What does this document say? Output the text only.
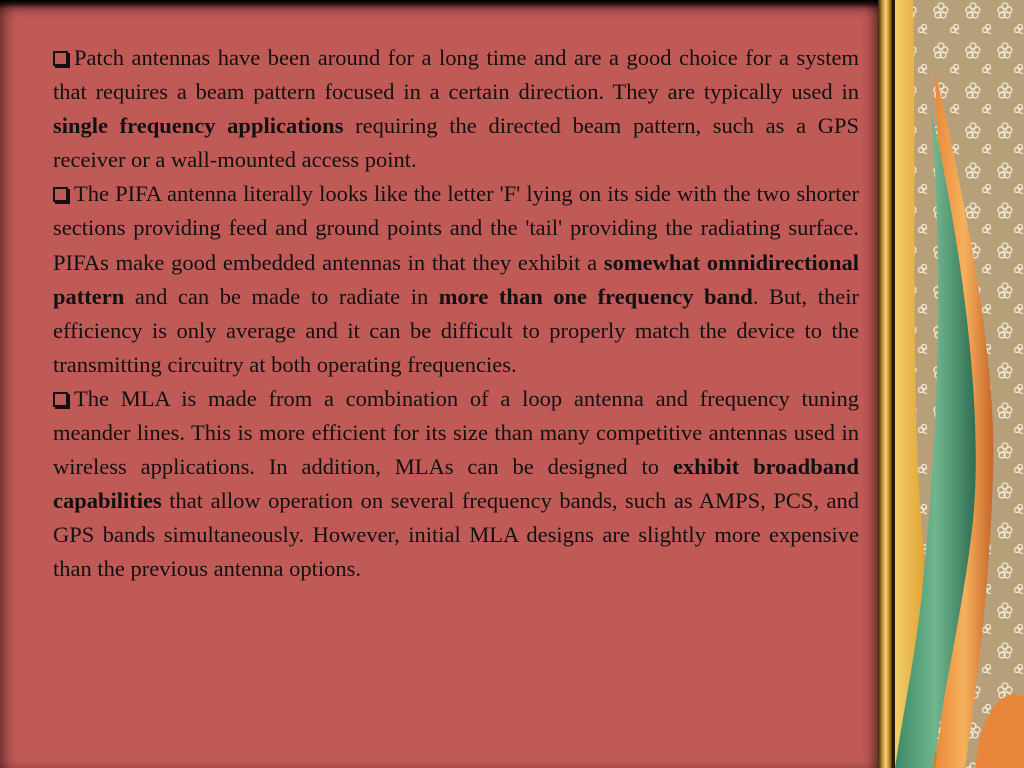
Patch antennas have been around for a long time and are a good choice for a system that requires a beam pattern focused in a certain direction. They are typically used in single frequency applications requiring the directed beam pattern, such as a GPS receiver or a wall-mounted access point.

The PIFA antenna literally looks like the letter 'F' lying on its side with the two shorter sections providing feed and ground points and the 'tail' providing the radiating surface. PIFAs make good embedded antennas in that they exhibit a somewhat omnidirectional pattern and can be made to radiate in more than one frequency band. But, their efficiency is only average and it can be difficult to properly match the device to the transmitting circuitry at both operating frequencies.

The MLA is made from a combination of a loop antenna and frequency tuning meander lines. This is more efficient for its size than many competitive antennas used in wireless applications. In addition, MLAs can be designed to exhibit broadband capabilities that allow operation on several frequency bands, such as AMPS, PCS, and GPS bands simultaneously. However, initial MLA designs are slightly more expensive than the previous antenna options.
